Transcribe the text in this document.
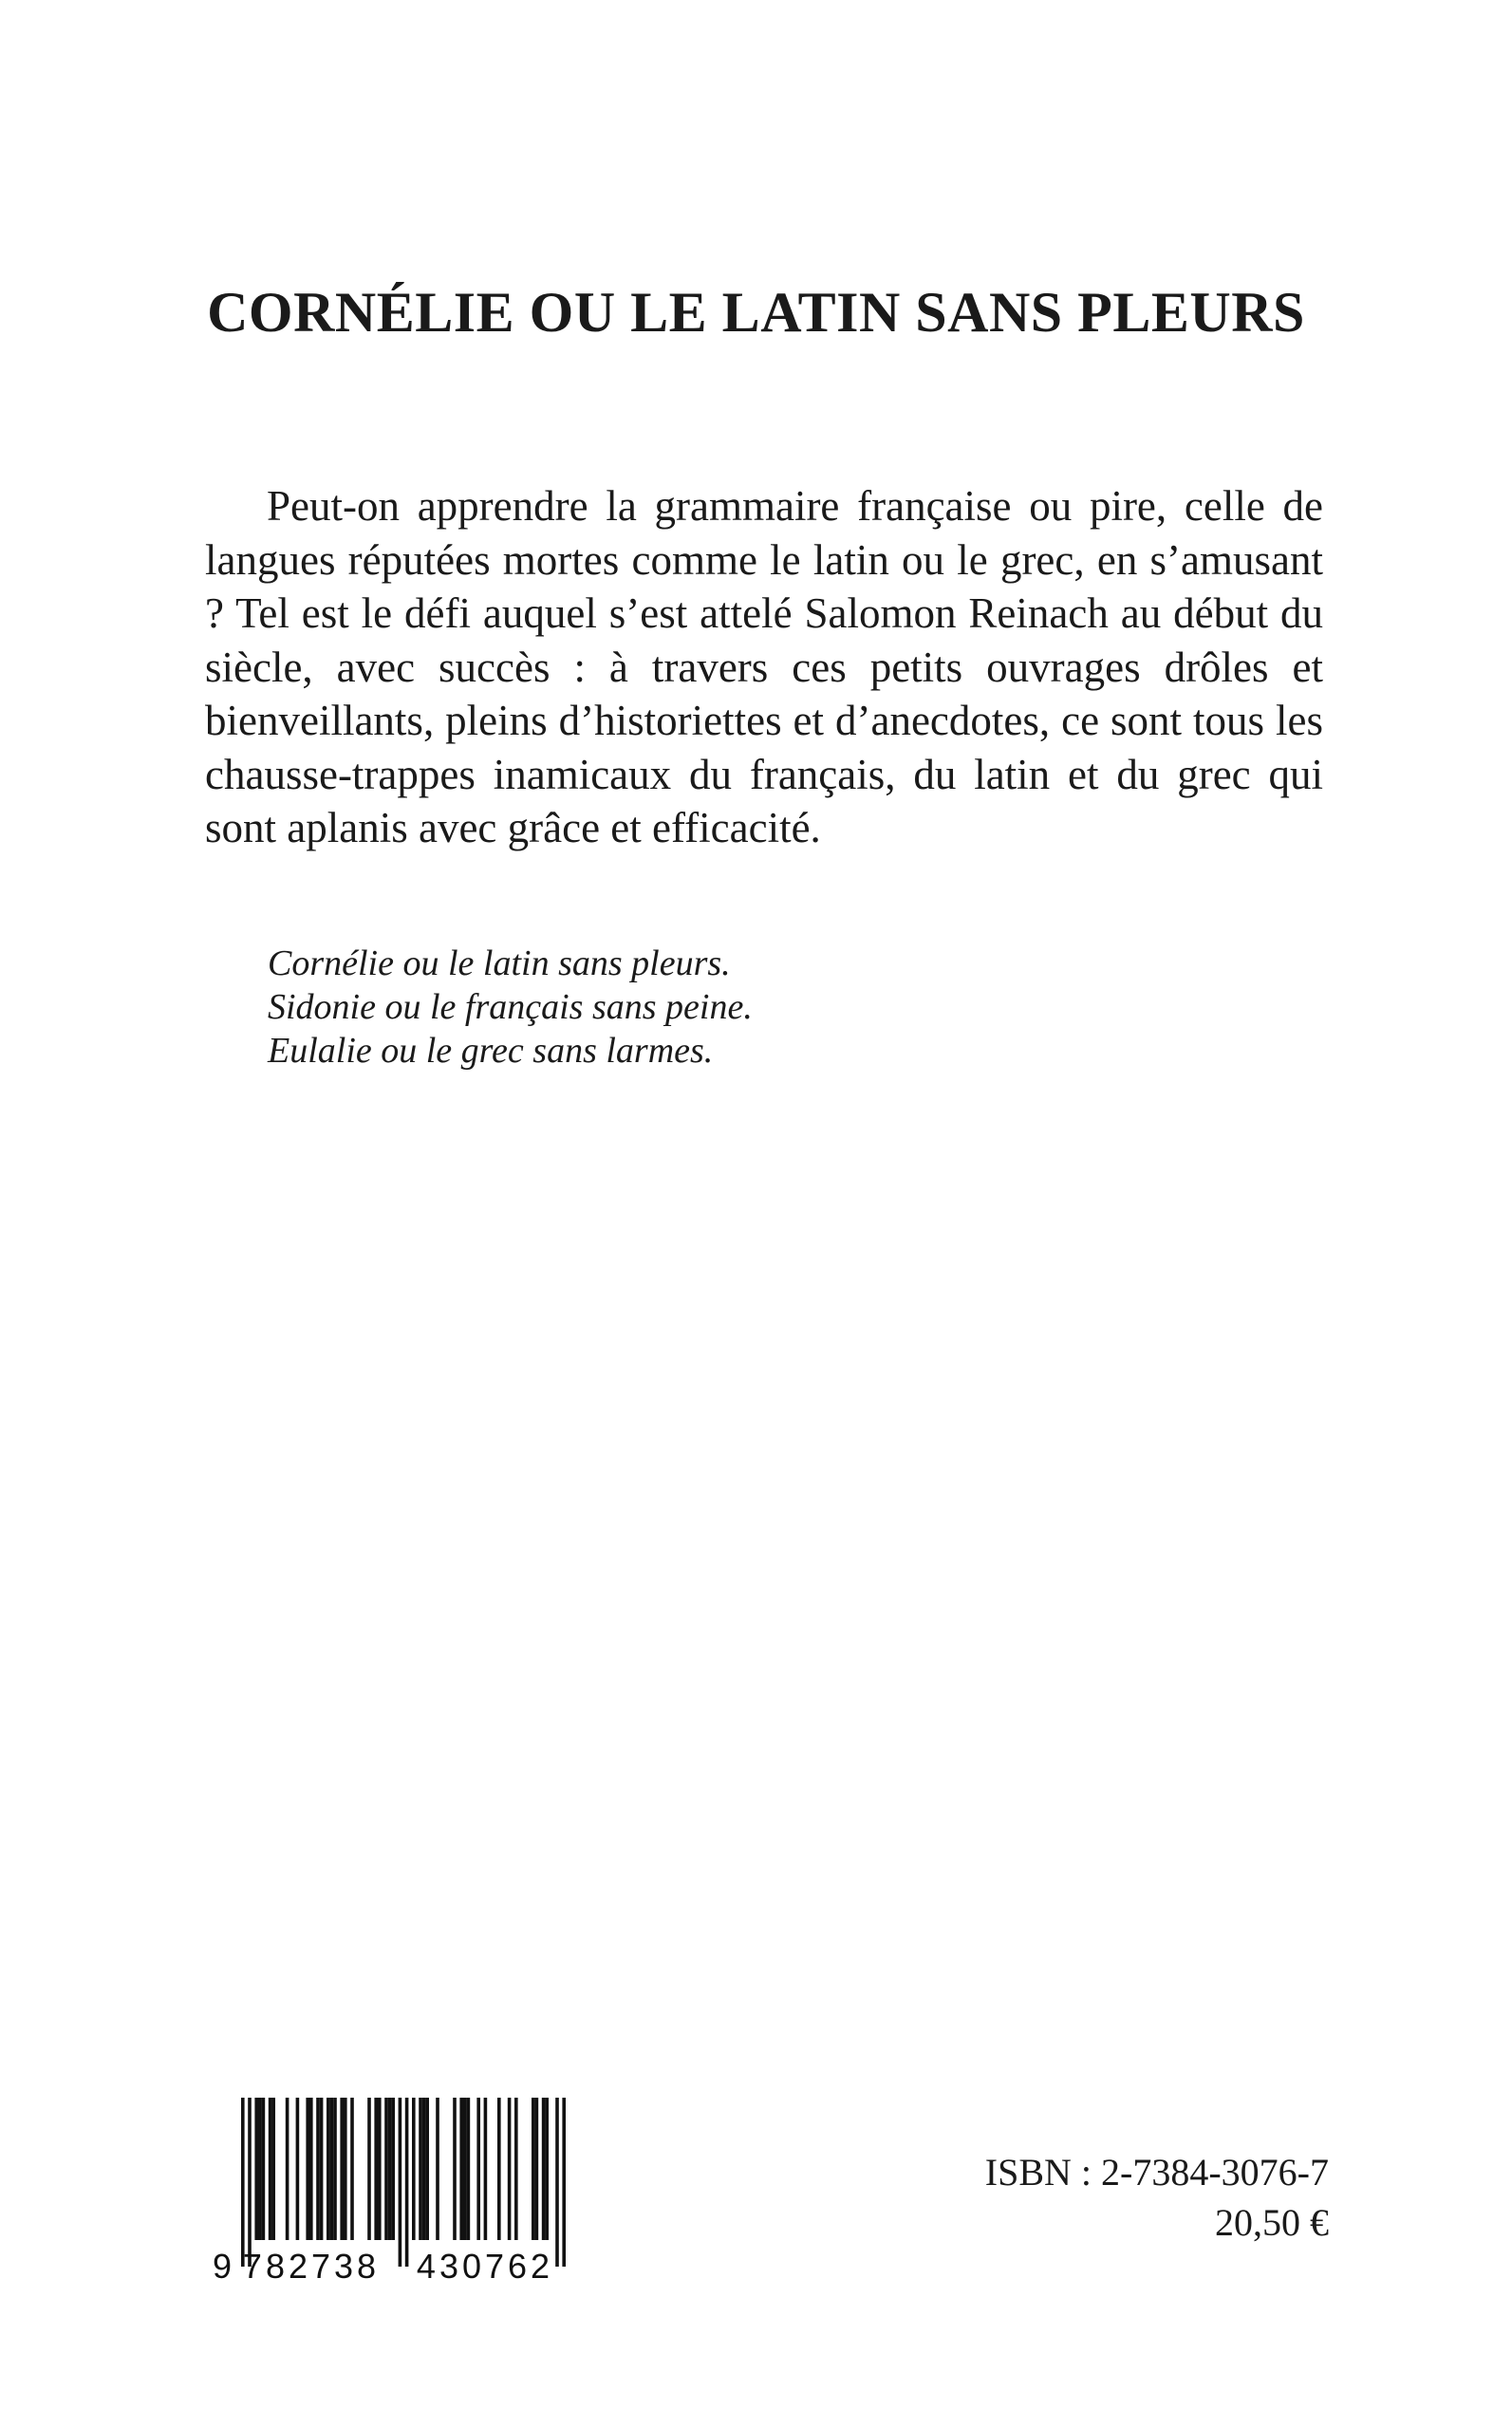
CORNÉLIE OU LE LATIN SANS PLEURS

Peut-on apprendre la grammaire française ou pire, celle de langues réputées mortes comme le latin ou le grec, en s’amusant ? Tel est le défi auquel s’est attelé Salomon Reinach au début du siècle, avec succès : à travers ces petits ouvrages drôles et bienveillants, pleins d’historiettes et d’anecdotes, ce sont tous les chausse-trappes inamicaux du français, du latin et du grec qui sont aplanis avec grâce et efficacité.

Cornélie ou le latin sans pleurs.
Sidonie ou le français sans peine.
Eulalie ou le grec sans larmes.
9 782738 430762

ISBN : 2-7384-3076-7

20,50 €
